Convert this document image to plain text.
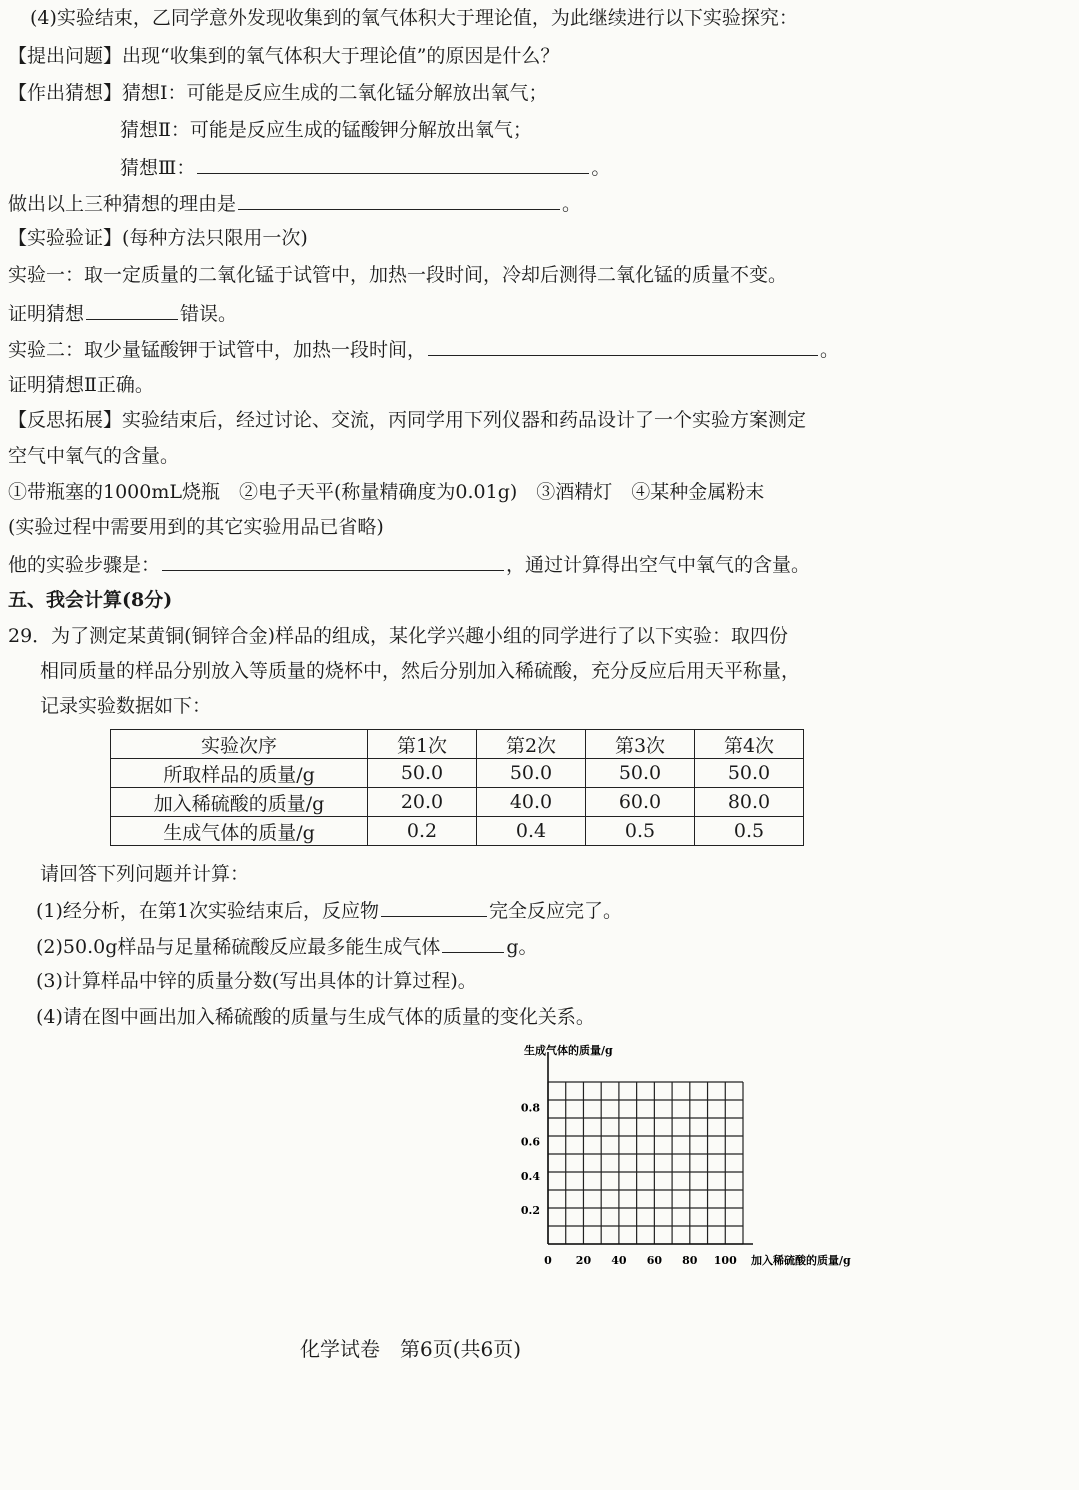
(4)实验结束，乙同学意外发现收集到的氧气体积大于理论值，为此继续进行以下实验探究：
【提出问题】出现“收集到的氧气体积大于理论值”的原因是什么？
【作出猜想】猜想Ⅰ：可能是反应生成的二氧化锰分解放出氧气；
猜想Ⅱ：可能是反应生成的锰酸钾分解放出氧气；
猜想Ⅲ：	。
做出以上三种猜想的理由是	。
【实验验证】(每种方法只限用一次)
实验一：取一定质量的二氧化锰于试管中，加热一段时间，冷却后测得二氧化锰的质量不变。
证明猜想	错误。
实验二：取少量锰酸钾于试管中，加热一段时间，	。
证明猜想Ⅱ正确。
【反思拓展】实验结束后，经过讨论、交流，丙同学用下列仪器和药品设计了一个实验方案测定
空气中氧气的含量。
①带瓶塞的1000mL烧瓶　②电子天平(称量精确度为0.01g)　③酒精灯　④某种金属粉末
(实验过程中需要用到的其它实验用品已省略)
他的实验步骤是：	，通过计算得出空气中氧气的含量。
五、我会计算(8分)
29．为了测定某黄铜(铜锌合金)样品的组成，某化学兴趣小组的同学进行了以下实验：取四份
相同质量的样品分别放入等质量的烧杯中，然后分别加入稀硫酸，充分反应后用天平称量，
记录实验数据如下：
实验次序	第1次	第2次	第3次	第4次
所取样品的质量/g	50.0	50.0	50.0	50.0
加入稀硫酸的质量/g	20.0	40.0	60.0	80.0
生成气体的质量/g	0.2	0.4	0.5	0.5
请回答下列问题并计算：
(1)经分析，在第1次实验结束后，反应物	完全反应完了。
(2)50.0g样品与足量稀硫酸反应最多能生成气体	g。
(3)计算样品中锌的质量分数(写出具体的计算过程)。
(4)请在图中画出加入稀硫酸的质量与生成气体的质量的变化关系。
0 20 40 60 80 100
0.2
0.4
0.6
0.8
生成气体的质量/g
加入稀硫酸的质量/g
化学试卷　第6页(共6页)
